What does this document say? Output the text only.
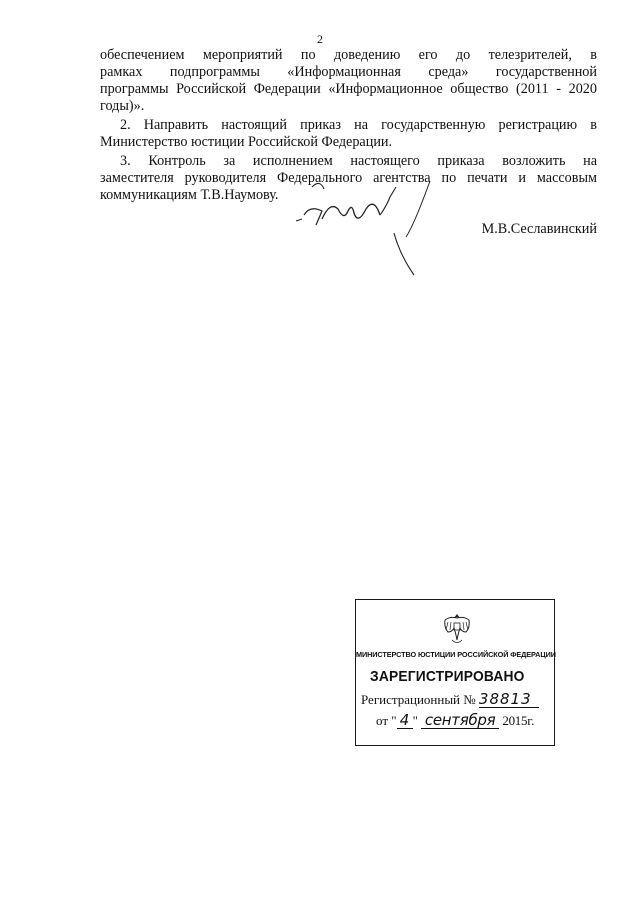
2
обеспечением мероприятий по доведению его до телезрителей, в
рамках подпрограммы «Информационная среда» государственной
программы Российской Федерации «Информационное общество (2011 - 2020
годы)».
2. Направить настоящий приказ на государственную регистрацию в
Министерство юстиции Российской Федерации.
3. Контроль за исполнением настоящего приказа возложить на
заместителя руководителя Федерального агентства по печати и массовым
коммуникациям Т.В.Наумову.
М.В.Сеславинский
МИНИСТЕРСТВО ЮСТИЦИИ РОССИЙСКОЙ ФЕДЕРАЦИИ
ЗАРЕГИСТРИРОВАНО
Регистрационный № 38813
от " 4 " сентября 2015г.
